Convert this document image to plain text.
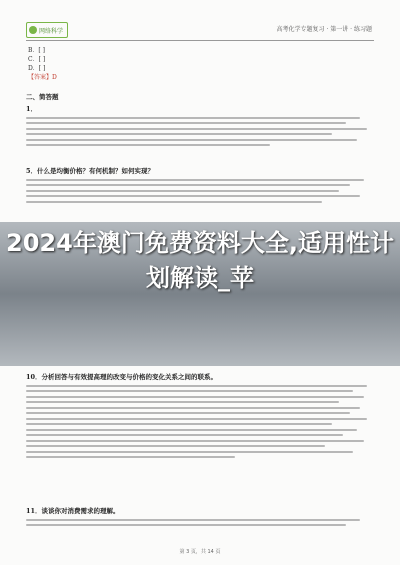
网络科学	高考化学专题复习 · 第一讲 · 练习题
B．[ ]
C．[ ]
D．[ ]
【答案】D
二、简答题
1．
5．什么是均衡价格？有何机制？如何实现？
2024年澳门免费资料大全,适用性计划解读_苹
10．分析回答与有效提高理的改变与价格的变化关系之间的联系。
11．谈谈你对消费需求的理解。
第 3 页，共 14 页
